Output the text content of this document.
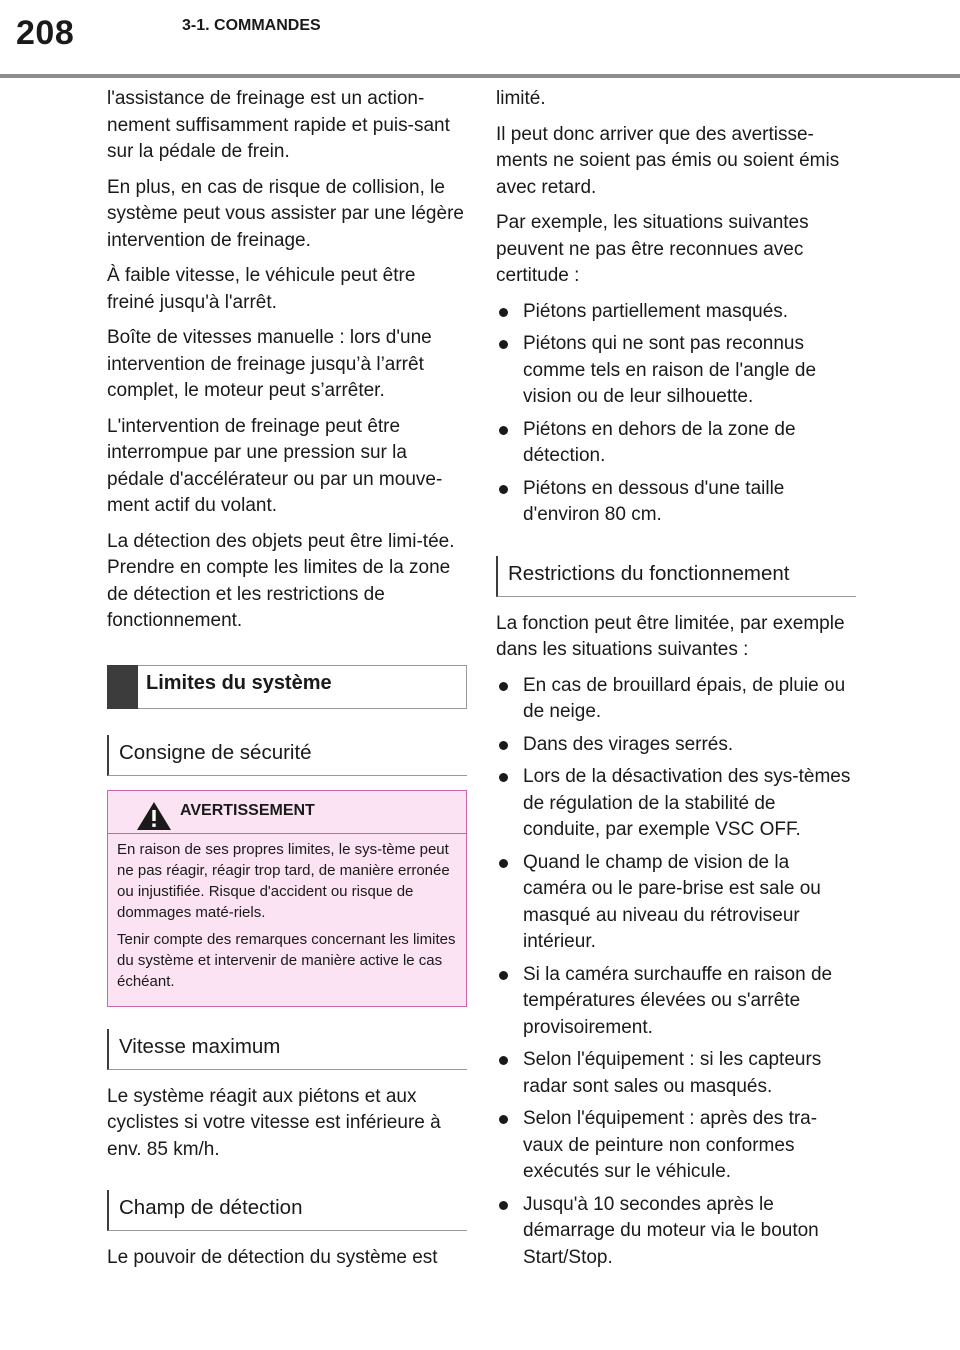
208	3-1. COMMANDES

l'assistance de freinage est un action-nement suffisamment rapide et puis-sant sur la pédale de frein.

En plus, en cas de risque de collision, le système peut vous assister par une légère intervention de freinage.

À faible vitesse, le véhicule peut être freiné jusqu'à l'arrêt.

Boîte de vitesses manuelle : lors d'une intervention de freinage jusqu’à l’arrêt complet, le moteur peut s’arrêter.

L'intervention de freinage peut être interrompue par une pression sur la pédale d'accélérateur ou par un mouve-ment actif du volant.

La détection des objets peut être limi-tée. Prendre en compte les limites de la zone de détection et les restrictions de fonctionnement.

Limites du système
Consigne de sécurité
AVERTISSEMENT

En raison de ses propres limites, le sys-tème peut ne pas réagir, réagir trop tard, de manière erronée ou injustifiée. Risque d'accident ou risque de dommages maté-riels.

Tenir compte des remarques concernant les limites du système et intervenir de manière active le cas échéant.

Vitesse maximum

Le système réagit aux piétons et aux cyclistes si votre vitesse est inférieure à env. 85 km/h.

Champ de détection

Le pouvoir de détection du système est

limité.

Il peut donc arriver que des avertisse-ments ne soient pas émis ou soient émis avec retard.

Par exemple, les situations suivantes peuvent ne pas être reconnues avec certitude :

Piétons partiellement masqués.
Piétons qui ne sont pas reconnus comme tels en raison de l'angle de vision ou de leur silhouette.
Piétons en dehors de la zone de détection.
Piétons en dessous d'une taille d'environ 80 cm.
Restrictions du fonctionnement

La fonction peut être limitée, par exemple dans les situations suivantes :

En cas de brouillard épais, de pluie ou de neige.
Dans des virages serrés.
Lors de la désactivation des sys-tèmes de régulation de la stabilité de conduite, par exemple VSC OFF.
Quand le champ de vision de la caméra ou le pare-brise est sale ou masqué au niveau du rétroviseur intérieur.
Si la caméra surchauffe en raison de températures élevées ou s'arrête provisoirement.
Selon l'équipement : si les capteurs radar sont sales ou masqués.
Selon l'équipement : après des tra-vaux de peinture non conformes exécutés sur le véhicule.
Jusqu'à 10 secondes après le démarrage du moteur via le bouton Start/Stop.
